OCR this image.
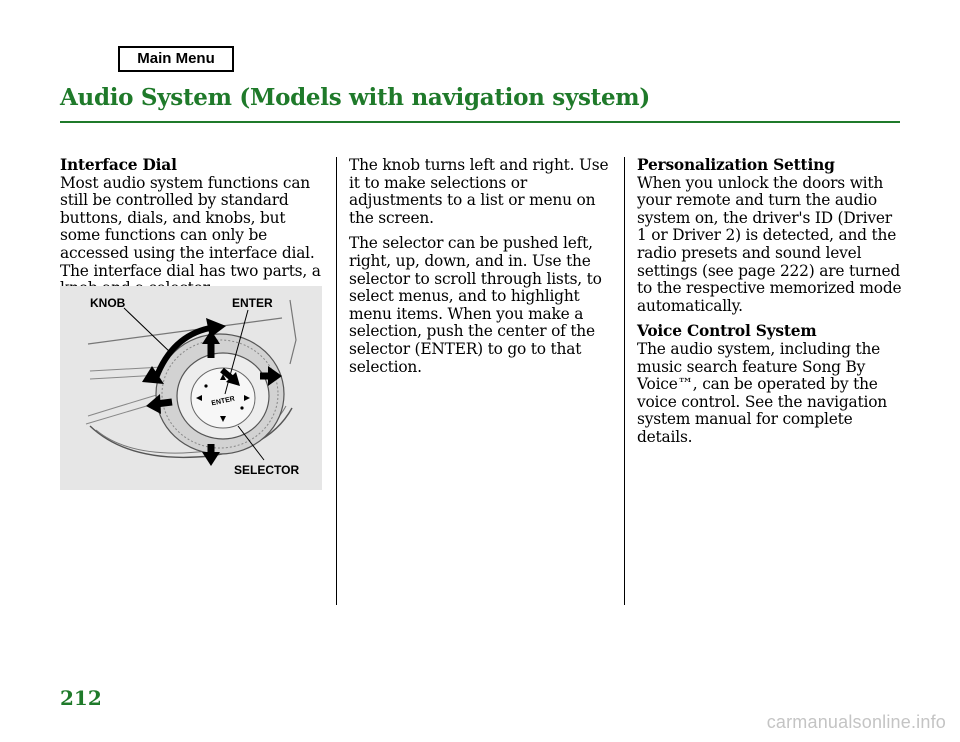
Main Menu
Audio System (Models with navigation system)
Interface Dial

Most audio system functions can still be controlled by standard buttons, dials, and knobs, but some functions can only be accessed using the interface dial. The interface dial has two parts, a

ENTER
KNOB	ENTER
SELECTOR

The knob turns left and right. Use it to make selections or adjustments to a list or menu on the screen.

The selector can be pushed left, right, up, down, and in. Use the selector to scroll through lists, to select menus, and to highlight menu items. When you make a selection, push the center of the selector (ENTER) to go to that selection.

Personalization Setting

When you unlock the doors with your remote and turn the audio system on, the driver's ID (Driver 1 or Driver 2) is detected, and the radio presets and sound level settings (see page 222) are turned to the respective memorized mode automatically.

Voice Control System

The audio system, including the music search feature Song By Voice™, can be operated by the voice control. See the navigation system manual for complete details.

212

carmanualsonline.info
